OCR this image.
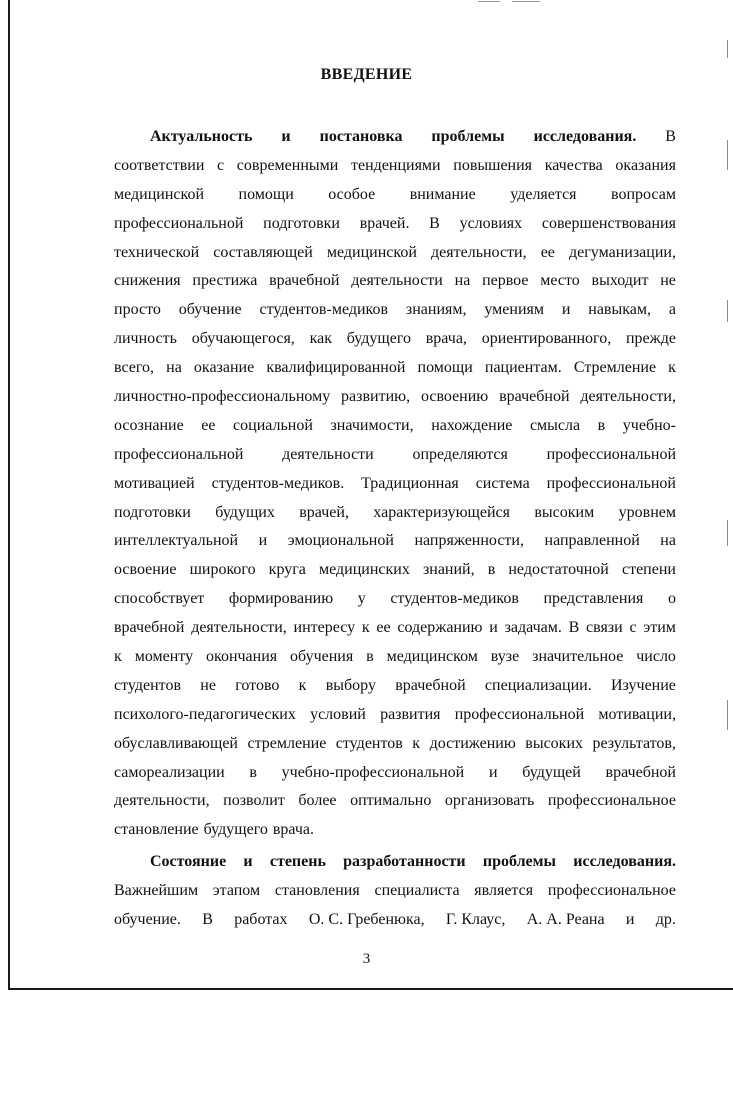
ВВЕДЕНИЕ
Актуальность и постановка проблемы исследования. В
соответствии с современными тенденциями повышения качества оказания
медицинской помощи особое внимание уделяется вопросам
профессиональной подготовки врачей. В условиях совершенствования
технической составляющей медицинской деятельности, ее дегуманизации,
снижения престижа врачебной деятельности на первое место выходит не
просто обучение студентов-медиков знаниям, умениям и навыкам, а
личность обучающегося, как будущего врача, ориентированного, прежде
всего, на оказание квалифицированной помощи пациентам. Стремление к
личностно-профессиональному развитию, освоению врачебной деятельности,
осознание ее социальной значимости, нахождение смысла в учебно-
профессиональной деятельности определяются профессиональной
мотивацией студентов-медиков. Традиционная система профессиональной
подготовки будущих врачей, характеризующейся высоким уровнем
интеллектуальной и эмоциональной напряженности, направленной на
освоение широкого круга медицинских знаний, в недостаточной степени
способствует формированию у студентов-медиков представления о
врачебной деятельности, интересу к ее содержанию и задачам. В связи с этим
к моменту окончания обучения в медицинском вузе значительное число
студентов не готово к выбору врачебной специализации. Изучение
психолого-педагогических условий развития профессиональной мотивации,
обуславливающей стремление студентов к достижению высоких результатов,
самореализации в учебно-профессиональной и будущей врачебной
деятельности, позволит более оптимально организовать профессиональное
становление будущего врача.
Состояние и степень разработанности проблемы исследования.
Важнейшим этапом становления специалиста является профессиональное
обучение. В работах О. С. Гребенюка, Г. Клаус, А. А. Реана и др.
3
